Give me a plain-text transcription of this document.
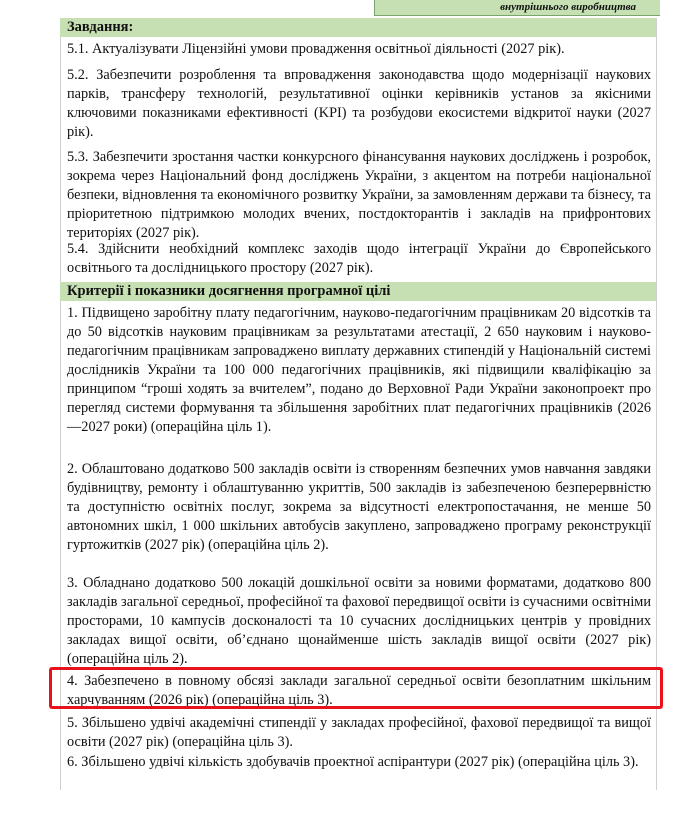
внутрішнього виробництва
Завдання:

5.1. Актуалізувати Ліцензійні умови провадження освітньої діяльності (2027 рік).

5.2. Забезпечити розроблення та впровадження законодавства щодо модернізації наукових парків, трансферу технологій, результативної оцінки керівників установ за якісними ключовими показниками ефективності (KPI) та розбудови екосистеми відкритої науки (2027 рік).

5.3. Забезпечити зростання частки конкурсного фінансування наукових досліджень і розробок, зокрема через Національний фонд досліджень України, з акцентом на потреби національної безпеки, відновлення та економічного розвитку України, за замовленням держави та бізнесу, та пріоритетною підтримкою молодих вчених, постдокторантів і закладів на прифронтових територіях (2027 рік).

5.4. Здійснити необхідний комплекс заходів щодо інтеграції України до Європейського освітнього та дослідницького простору (2027 рік).

Критерії і показники досягнення програмної цілі

1. Підвищено заробітну плату педагогічним, науково-педагогічним працівникам 20 відсотків та до 50 відсотків науковим працівникам за результатами атестації, 2 650 науковим і науково-педагогічним працівникам запроваджено виплату державних стипендій у Національній системі дослідників України та 100 000 педагогічних працівників, які підвищили кваліфікацію за принципом “гроші ходять за вчителем”, подано до Верховної Ради України законопроект про перегляд системи формування та збільшення заробітних плат педагогічних працівників (2026—2027 роки) (операційна ціль 1).

2. Облаштовано додатково 500 закладів освіти із створенням безпечних умов навчання завдяки будівництву, ремонту і облаштуванню укриттів, 500 закладів із забезпеченою безперервністю та доступністю освітніх послуг, зокрема за відсутності електропостачання, не менше 50 автономних шкіл, 1 000 шкільних автобусів закуплено, запроваджено програму реконструкції гуртожитків (2027 рік) (операційна ціль 2).

3. Обладнано додатково 500 локацій дошкільної освіти за новими форматами, додатково 800 закладів загальної середньої, професійної та фахової передвищої освіти із сучасними освітніми просторами, 10 кампусів досконалості та 10 сучасних дослідницьких центрів у провідних закладах вищої освіти, об’єднано щонайменше шість закладів вищої освіти (2027 рік) (операційна ціль 2).

4. Забезпечено в повному обсязі заклади загальної середньої освіти безоплатним шкільним харчуванням (2026 рік) (операційна ціль 3).

5. Збільшено удвічі академічні стипендії у закладах професійної, фахової передвищої та вищої освіти (2027 рік) (операційна ціль 3).

6. Збільшено удвічі кількість здобувачів проектної аспірантури (2027 рік) (операційна ціль 3).
